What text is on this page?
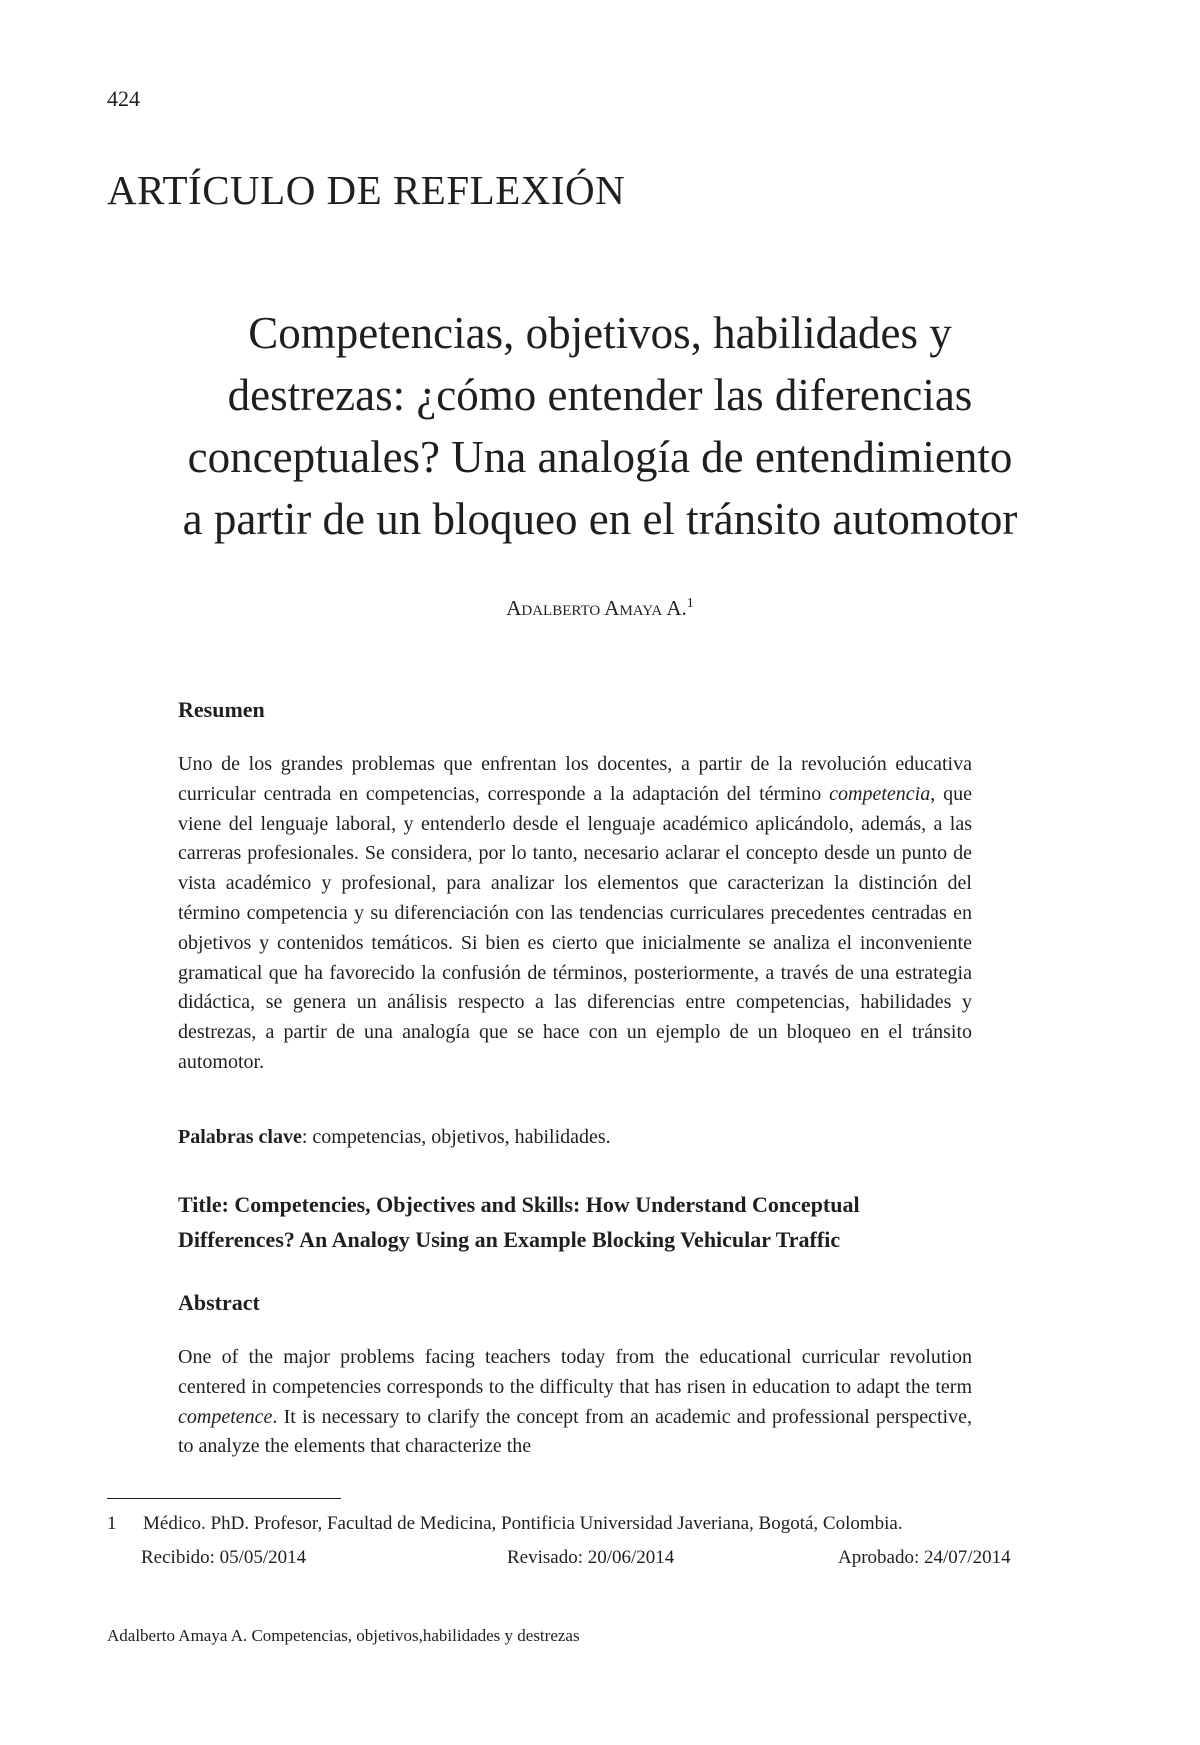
424
ARTÍCULO DE REFLEXIÓN
Competencias, objetivos, habilidades y
destrezas: ¿cómo entender las diferencias
conceptuales? Una analogía de entendimiento
a partir de un bloqueo en el tránsito automotor
Adalberto Amaya A.$^1$
Resumen

Uno de los grandes problemas que enfrentan los docentes, a partir de la revolución educativa curricular centrada en competencias, corresponde a la adaptación del término competencia, que viene del lenguaje laboral, y entenderlo desde el lenguaje académico aplicándolo, además, a las carreras profesionales. Se considera, por lo tanto, necesario aclarar el concepto desde un punto de vista académico y profesional, para analizar los elementos que caracterizan la distinción del término competencia y su diferenciación con las tendencias curriculares precedentes centradas en objetivos y contenidos temáticos. Si bien es cierto que inicialmente se analiza el inconveniente gramatical que ha favorecido la confusión de términos, posteriormente, a través de una estrategia didáctica, se genera un análisis respecto a las diferencias entre competencias, habilidades y destrezas, a partir de una analogía que se hace con un ejemplo de un bloqueo en el tránsito automotor.

Palabras clave: competencias, objetivos, habilidades.
Title: Competencies, Objectives and Skills: How Understand Conceptual
Differences? An Analogy Using an Example Blocking Vehicular Traffic
Abstract

One of the major problems facing teachers today from the educational curricular revolution centered in competencies corresponds to the difficulty that has risen in education to adapt the term competence. It is necessary to clarify the concept from an academic and professional perspective, to analyze the elements that characterize the

1 Médico. PhD. Profesor, Facultad de Medicina, Pontificia Universidad Javeriana, Bogotá, Colombia.
Recibido: 05/05/2014	Revisado: 20/06/2014	Aprobado: 24/07/2014
Adalberto Amaya A. Competencias, objetivos,habilidades y destrezas
